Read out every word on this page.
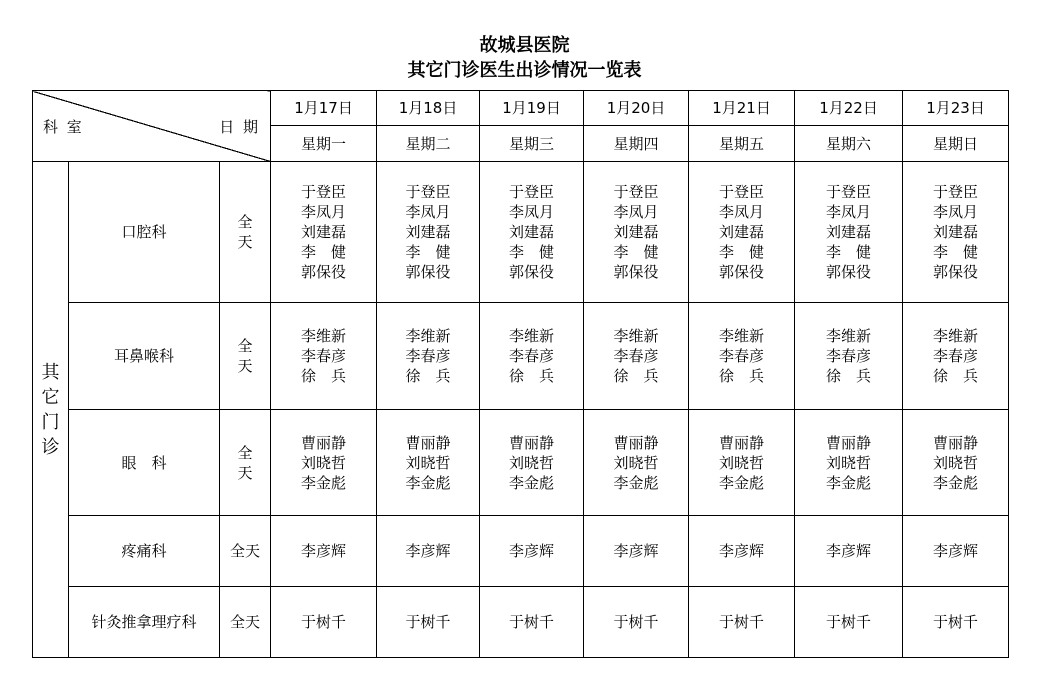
故城县医院
其它门诊医生出诊情况一览表
科 室 日 期			1月17日	1月18日	1月19日	1月20日	1月21日	1月22日	1月23日
			星期一	星期二	星期三	星期四	星期五	星期六	星期日

其
它
门
诊	口腔科	全
天	于登臣
李凤月
刘建磊
李　健
郭保役	于登臣
李凤月
刘建磊
李　健
郭保役	于登臣
李凤月
刘建磊
李　健
郭保役	于登臣
李凤月
刘建磊
李　健
郭保役	于登臣
李凤月
刘建磊
李　健
郭保役	于登臣
李凤月
刘建磊
李　健
郭保役	于登臣
李凤月
刘建磊
李　健
郭保役

	耳鼻喉科	全
天	李维新
李春彦
徐　兵	李维新
李春彦
徐　兵	李维新
李春彦
徐　兵	李维新
李春彦
徐　兵	李维新
李春彦
徐　兵	李维新
李春彦
徐　兵	李维新
李春彦
徐　兵

	眼　科	全
天	曹丽静
刘晓哲
李金彪	曹丽静
刘晓哲
李金彪	曹丽静
刘晓哲
李金彪	曹丽静
刘晓哲
李金彪	曹丽静
刘晓哲
李金彪	曹丽静
刘晓哲
李金彪	曹丽静
刘晓哲
李金彪

	疼痛科	全天	李彦辉	李彦辉	李彦辉	李彦辉	李彦辉	李彦辉	李彦辉

	针灸推拿理疗科	全天	于树千	于树千	于树千	于树千	于树千	于树千	于树千
